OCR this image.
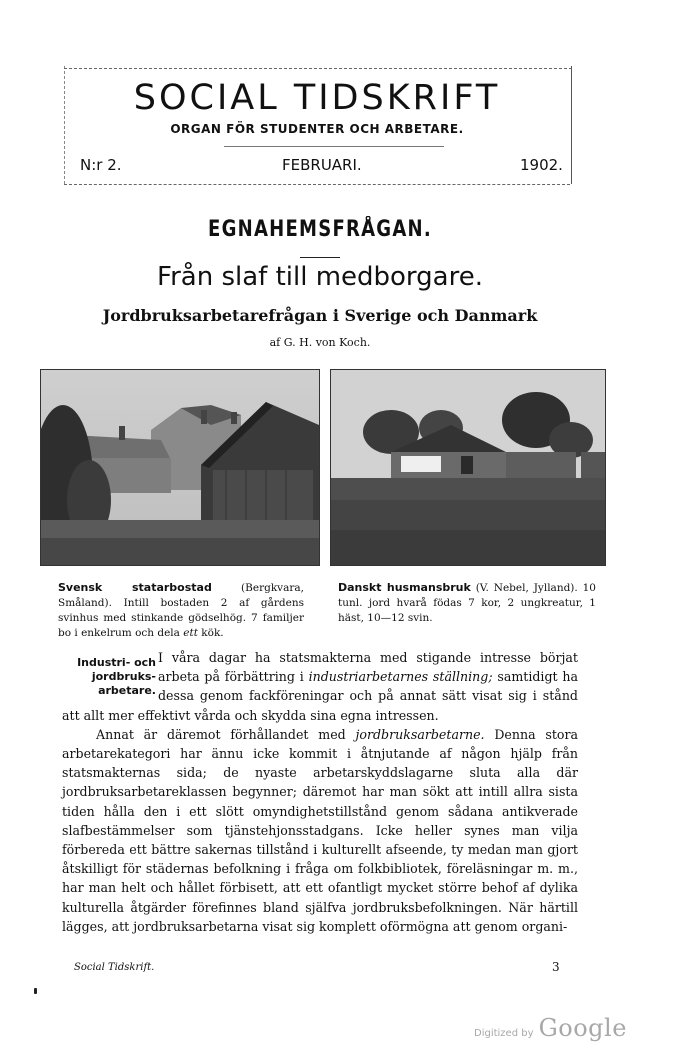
SOCIAL TIDSKRIFT
ORGAN FÖR STUDENTER OCH ARBETARE.
N:r 2.	FEBRUARI.	1902.
EGNAHEMSFRÅGAN.
Från slaf till medborgare.
Jordbruksarbetarefrågan i Sverige och Danmark
af G. H. von Koch.
Svensk statarbostad (Bergkvara, Småland). Intill bostaden 2 af gårdens svinhus med stinkande gödselhög. 7 familjer bo i enkelrum och dela ett kök.
Danskt husmansbruk (V. Nebel, Jylland). 10 tunl. jord hvarå födas 7 kor, 2 ungkreatur, 1 häst, 10—12 svin.
Industri- och
jordbruks-
arbetare.

I våra dagar ha statsmakterna med stigande intresse börjat arbeta på förbättring i industriarbetarnes ställning; samtidigt ha dessa genom fackföreningar och på annat sätt visat sig i stånd att allt mer effektivt vårda och skydda sina egna intressen.

Annat är däremot förhållandet med jordbruksarbetarne. Denna stora arbetarekategori har ännu icke kommit i åtnjutande af någon hjälp från statsmakternas sida; de nyaste arbetarskyddslagarne sluta alla där jordbruksarbetareklassen begynner; däremot har man sökt att intill allra sista tiden hålla den i ett slött omyndighetstillstånd genom sådana antikverade slafbestämmelser som tjänstehjonsstadgans. Icke heller synes man vilja förbereda ett bättre sakernas tillstånd i kulturellt afseende, ty medan man gjort åtskilligt för städernas befolkning i fråga om folkbibliotek, föreläsningar m. m., har man helt och hållet förbisett, att ett ofantligt mycket större behof af dylika kulturella åtgärder förefinnes bland själfva jordbruksbefolkningen. När härtill lägges, att jordbruksarbetarna visat sig komplett oförmögna att genom organi-

Social Tidskrift.	3
Digitized by Google
